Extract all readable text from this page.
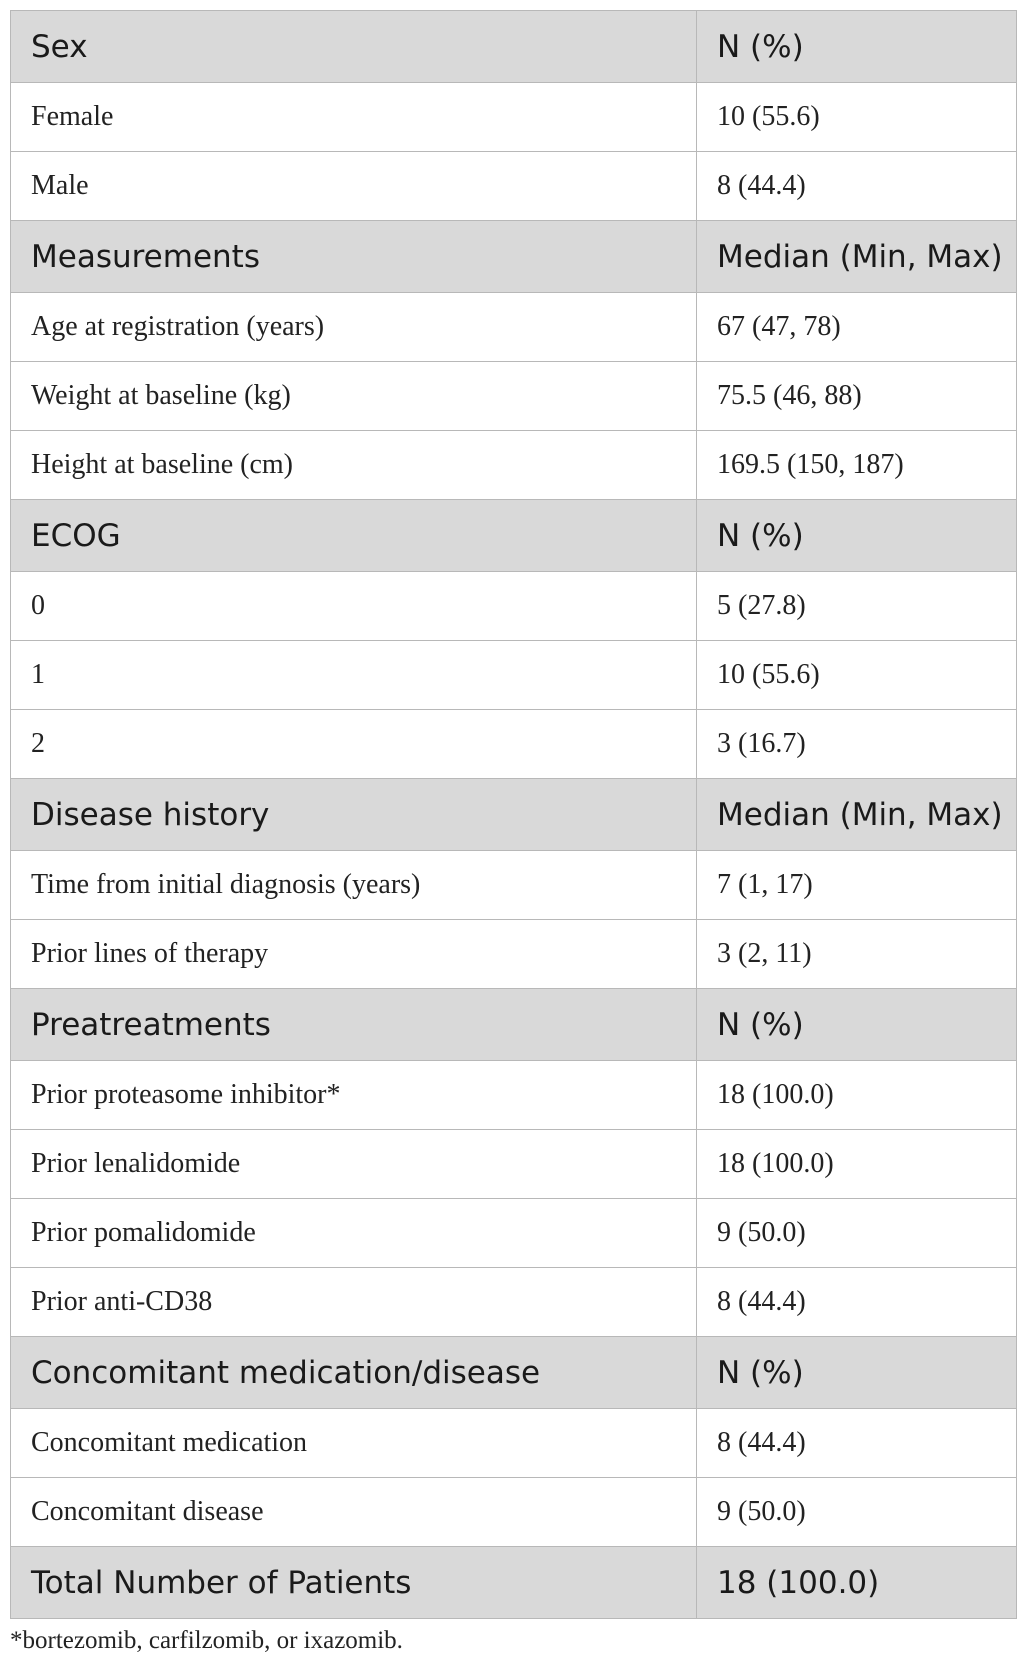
Sex	N (%)
Female	10 (55.6)
Male	8 (44.4)
Measurements	Median (Min, Max)
Age at registration (years)	67 (47, 78)
Weight at baseline (kg)	75.5 (46, 88)
Height at baseline (cm)	169.5 (150, 187)
ECOG	N (%)
0	5 (27.8)
1	10 (55.6)
2	3 (16.7)
Disease history	Median (Min, Max)
Time from initial diagnosis (years)	7 (1, 17)
Prior lines of therapy	3 (2, 11)
Preatreatments	N (%)
Prior proteasome inhibitor*	18 (100.0)
Prior lenalidomide	18 (100.0)
Prior pomalidomide	9 (50.0)
Prior anti-CD38	8 (44.4)
Concomitant medication/disease	N (%)
Concomitant medication	8 (44.4)
Concomitant disease	9 (50.0)
Total Number of Patients	18 (100.0)
*bortezomib, carfilzomib, or ixazomib.
